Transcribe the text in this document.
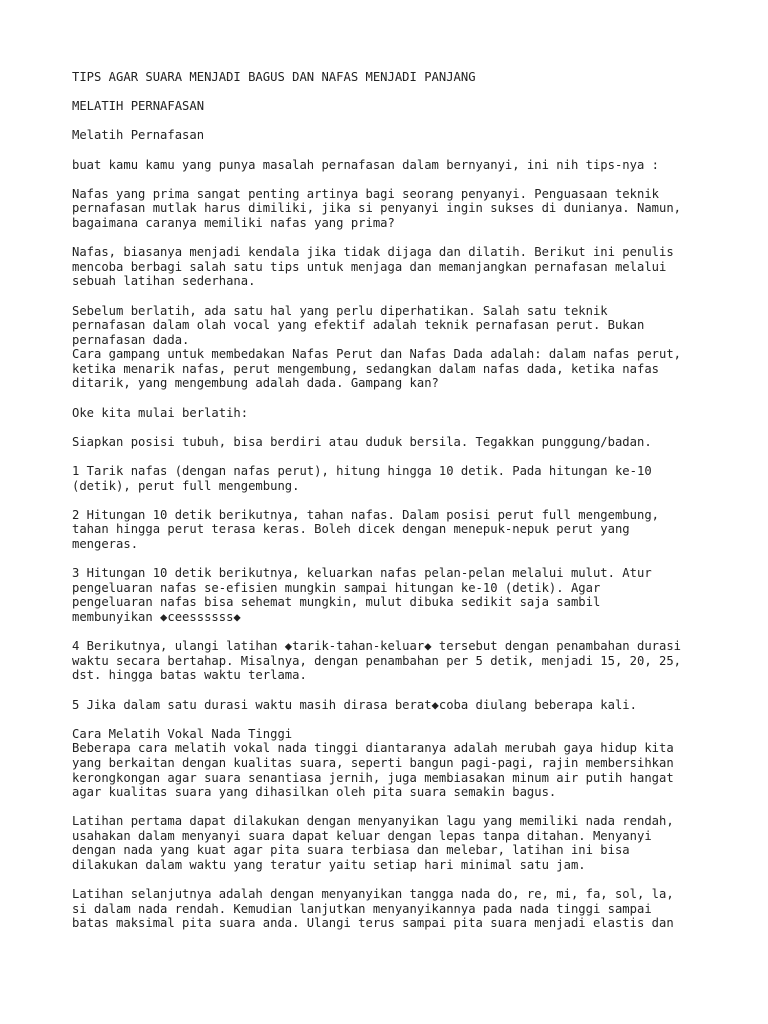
TIPS AGAR SUARA MENJADI BAGUS DAN NAFAS MENJADI PANJANG
MELATIH PERNAFASAN
Melatih Pernafasan
buat kamu kamu yang punya masalah pernafasan dalam bernyanyi, ini nih tips-nya :
Nafas yang prima sangat penting artinya bagi seorang penyanyi. Penguasaan teknik
pernafasan mutlak harus dimiliki, jika si penyanyi ingin sukses di dunianya. Namun,
bagaimana caranya memiliki nafas yang prima?
Nafas, biasanya menjadi kendala jika tidak dijaga dan dilatih. Berikut ini penulis
mencoba berbagi salah satu tips untuk menjaga dan memanjangkan pernafasan melalui
sebuah latihan sederhana.
Sebelum berlatih, ada satu hal yang perlu diperhatikan. Salah satu teknik
pernafasan dalam olah vocal yang efektif adalah teknik pernafasan perut. Bukan
pernafasan dada.
Cara gampang untuk membedakan Nafas Perut dan Nafas Dada adalah: dalam nafas perut,
ketika menarik nafas, perut mengembung, sedangkan dalam nafas dada, ketika nafas
ditarik, yang mengembung adalah dada. Gampang kan?
Oke kita mulai berlatih:
Siapkan posisi tubuh, bisa berdiri atau duduk bersila. Tegakkan punggung/badan.
1 Tarik nafas (dengan nafas perut), hitung hingga 10 detik. Pada hitungan ke-10
(detik), perut full mengembung.
2 Hitungan 10 detik berikutnya, tahan nafas. Dalam posisi perut full mengembung,
tahan hingga perut terasa keras. Boleh dicek dengan menepuk-nepuk perut yang
mengeras.
3 Hitungan 10 detik berikutnya, keluarkan nafas pelan-pelan melalui mulut. Atur
pengeluaran nafas se-efisien mungkin sampai hitungan ke-10 (detik). Agar
pengeluaran nafas bisa sehemat mungkin, mulut dibuka sedikit saja sambil
membunyikan ◆ceessssss◆
4 Berikutnya, ulangi latihan ◆tarik-tahan-keluar◆ tersebut dengan penambahan durasi
waktu secara bertahap. Misalnya, dengan penambahan per 5 detik, menjadi 15, 20, 25,
dst. hingga batas waktu terlama.
5 Jika dalam satu durasi waktu masih dirasa berat◆coba diulang beberapa kali.
Cara Melatih Vokal Nada Tinggi
Beberapa cara melatih vokal nada tinggi diantaranya adalah merubah gaya hidup kita
yang berkaitan dengan kualitas suara, seperti bangun pagi-pagi, rajin membersihkan
kerongkongan agar suara senantiasa jernih, juga membiasakan minum air putih hangat
agar kualitas suara yang dihasilkan oleh pita suara semakin bagus.
Latihan pertama dapat dilakukan dengan menyanyikan lagu yang memiliki nada rendah,
usahakan dalam menyanyi suara dapat keluar dengan lepas tanpa ditahan. Menyanyi
dengan nada yang kuat agar pita suara terbiasa dan melebar, latihan ini bisa
dilakukan dalam waktu yang teratur yaitu setiap hari minimal satu jam.
Latihan selanjutnya adalah dengan menyanyikan tangga nada do, re, mi, fa, sol, la,
si dalam nada rendah. Kemudian lanjutkan menyanyikannya pada nada tinggi sampai
batas maksimal pita suara anda. Ulangi terus sampai pita suara menjadi elastis dan
